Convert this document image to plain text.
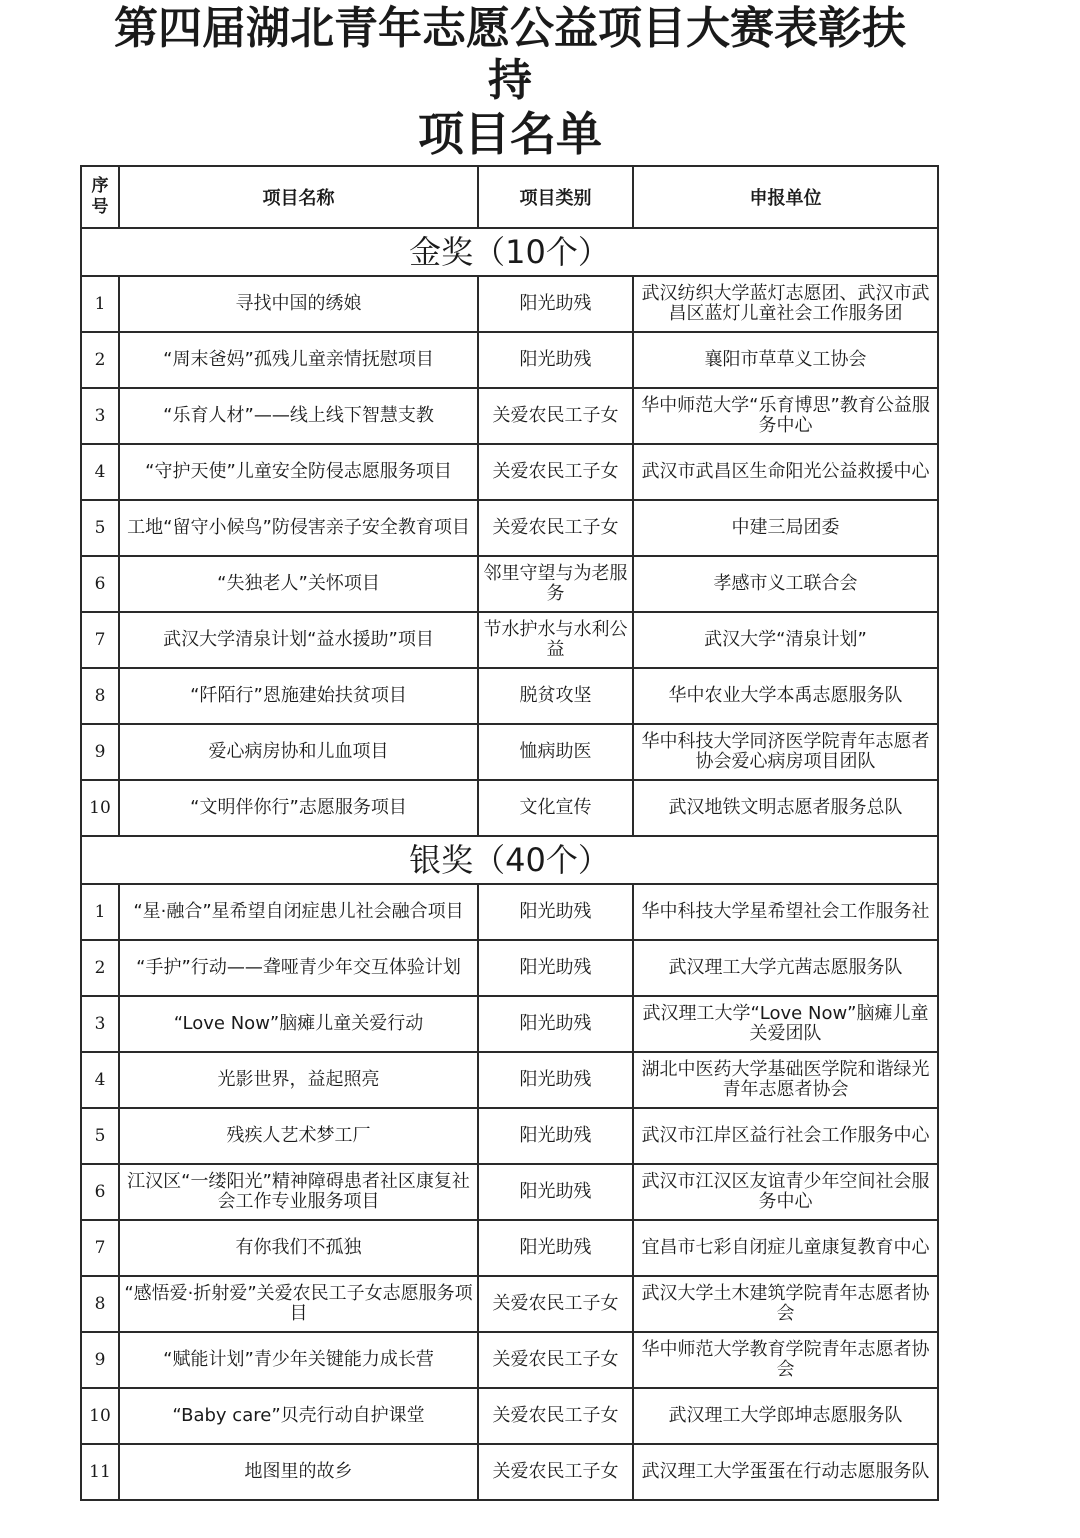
第四届湖北青年志愿公益项目大赛表彰扶
持
项目名单
序号	项目名称	项目类别	申报单位
金奖（10个）			
1	寻找中国的绣娘	阳光助残	武汉纺织大学蓝灯志愿团、武汉市武昌区蓝灯儿童社会工作服务团
2	“周末爸妈”孤残儿童亲情抚慰项目	阳光助残	襄阳市草草义工协会
3	“乐育人材”——线上线下智慧支教	关爱农民工子女	华中师范大学“乐育博思”教育公益服务中心
4	“守护天使”儿童安全防侵志愿服务项目	关爱农民工子女	武汉市武昌区生命阳光公益救援中心
5	工地“留守小候鸟”防侵害亲子安全教育项目	关爱农民工子女	中建三局团委
6	“失独老人”关怀项目	邻里守望与为老服务	孝感市义工联合会
7	武汉大学清泉计划“益水援助”项目	节水护水与水利公益	武汉大学“清泉计划”
8	“阡陌行”恩施建始扶贫项目	脱贫攻坚	华中农业大学本禹志愿服务队
9	爱心病房协和儿血项目	恤病助医	华中科技大学同济医学院青年志愿者协会爱心病房项目团队
10	“文明伴你行”志愿服务项目	文化宣传	武汉地铁文明志愿者服务总队
银奖（40个）			
1	“星·融合”星希望自闭症患儿社会融合项目	阳光助残	华中科技大学星希望社会工作服务社
2	“手护”行动——聋哑青少年交互体验计划	阳光助残	武汉理工大学亢茜志愿服务队
3	“Love Now”脑瘫儿童关爱行动	阳光助残	武汉理工大学“Love Now”脑瘫儿童关爱团队
4	光影世界，益起照亮	阳光助残	湖北中医药大学基础医学院和谐绿光青年志愿者协会
5	残疾人艺术梦工厂	阳光助残	武汉市江岸区益行社会工作服务中心
6	江汉区“一缕阳光”精神障碍患者社区康复社会工作专业服务项目	阳光助残	武汉市江汉区友谊青少年空间社会服务中心
7	有你我们不孤独	阳光助残	宜昌市七彩自闭症儿童康复教育中心
8	“感悟爱·折射爱”关爱农民工子女志愿服务项目	关爱农民工子女	武汉大学土木建筑学院青年志愿者协会
9	“赋能计划”青少年关键能力成长营	关爱农民工子女	华中师范大学教育学院青年志愿者协会
10	“Baby care”贝壳行动自护课堂	关爱农民工子女	武汉理工大学郎坤志愿服务队
11	地图里的故乡	关爱农民工子女	武汉理工大学蛋蛋在行动志愿服务队
